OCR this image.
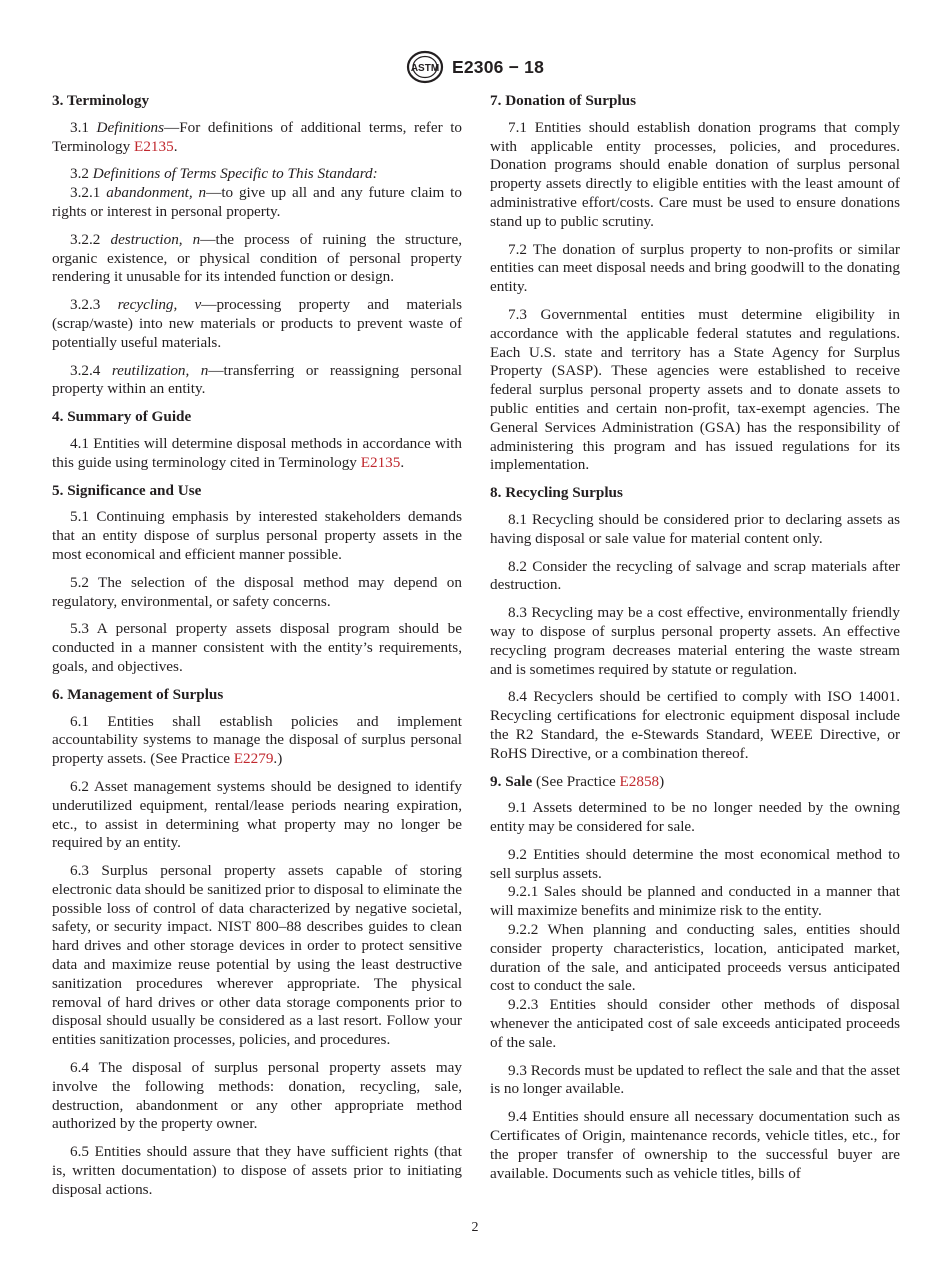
ASTM E2306 − 18
3. Terminology

3.1 Definitions—For definitions of additional terms, refer to Terminology E2135.

3.2 Definitions of Terms Specific to This Standard:

3.2.1 abandonment, n—to give up all and any future claim to rights or interest in personal property.

3.2.2 destruction, n—the process of ruining the structure, organic existence, or physical condition of personal property rendering it unusable for its intended function or design.

3.2.3 recycling, v—processing property and materials (scrap/waste) into new materials or products to prevent waste of potentially useful materials.

3.2.4 reutilization, n—transferring or reassigning personal property within an entity.

4. Summary of Guide

4.1 Entities will determine disposal methods in accordance with this guide using terminology cited in Terminology E2135.

5. Significance and Use

5.1 Continuing emphasis by interested stakeholders demands that an entity dispose of surplus personal property assets in the most economical and efficient manner possible.

5.2 The selection of the disposal method may depend on regulatory, environmental, or safety concerns.

5.3 A personal property assets disposal program should be conducted in a manner consistent with the entity’s requirements, goals, and objectives.

6. Management of Surplus

6.1 Entities shall establish policies and implement accountability systems to manage the disposal of surplus personal property assets. (See Practice E2279.)

6.2 Asset management systems should be designed to identify underutilized equipment, rental/lease periods nearing expiration, etc., to assist in determining what property may no longer be required by an entity.

6.3 Surplus personal property assets capable of storing electronic data should be sanitized prior to disposal to eliminate the possible loss of control of data characterized by negative societal, safety, or security impact. NIST 800–88 describes guides to clean hard drives and other storage devices in order to protect sensitive data and maximize reuse potential by using the least destructive sanitization procedures wherever appropriate. The physical removal of hard drives or other data storage components prior to disposal should usually be considered as a last resort. Follow your entities sanitization processes, policies, and procedures.

6.4 The disposal of surplus personal property assets may involve the following methods: donation, recycling, sale, destruction, abandonment or any other appropriate method authorized by the property owner.

6.5 Entities should assure that they have sufficient rights (that is, written documentation) to dispose of assets prior to initiating disposal actions.

7. Donation of Surplus

7.1 Entities should establish donation programs that comply with applicable entity processes, policies, and procedures. Donation programs should enable donation of surplus personal property assets directly to eligible entities with the least amount of administrative effort/costs. Care must be used to ensure donations stand up to public scrutiny.

7.2 The donation of surplus property to non-profits or similar entities can meet disposal needs and bring goodwill to the donating entity.

7.3 Governmental entities must determine eligibility in accordance with the applicable federal statutes and regulations. Each U.S. state and territory has a State Agency for Surplus Property (SASP). These agencies were established to receive federal surplus personal property assets and to donate assets to public entities and certain non-profit, tax-exempt agencies. The General Services Administration (GSA) has the responsibility of administering this program and has issued regulations for its implementation.

8. Recycling Surplus

8.1 Recycling should be considered prior to declaring assets as having disposal or sale value for material content only.

8.2 Consider the recycling of salvage and scrap materials after destruction.

8.3 Recycling may be a cost effective, environmentally friendly way to dispose of surplus personal property assets. An effective recycling program decreases material entering the waste stream and is sometimes required by statute or regulation.

8.4 Recyclers should be certified to comply with ISO 14001. Recycling certifications for electronic equipment disposal include the R2 Standard, the e-Stewards Standard, WEEE Directive, or RoHS Directive, or a combination thereof.

9. Sale (See Practice E2858)

9.1 Assets determined to be no longer needed by the owning entity may be considered for sale.

9.2 Entities should determine the most economical method to sell surplus assets.

9.2.1 Sales should be planned and conducted in a manner that will maximize benefits and minimize risk to the entity.

9.2.2 When planning and conducting sales, entities should consider property characteristics, location, anticipated market, duration of the sale, and anticipated proceeds versus anticipated cost to conduct the sale.

9.2.3 Entities should consider other methods of disposal whenever the anticipated cost of sale exceeds anticipated proceeds of the sale.

9.3 Records must be updated to reflect the sale and that the asset is no longer available.

9.4 Entities should ensure all necessary documentation such as Certificates of Origin, maintenance records, vehicle titles, etc., for the proper transfer of ownership to the successful buyer are available. Documents such as vehicle titles, bills of

2
